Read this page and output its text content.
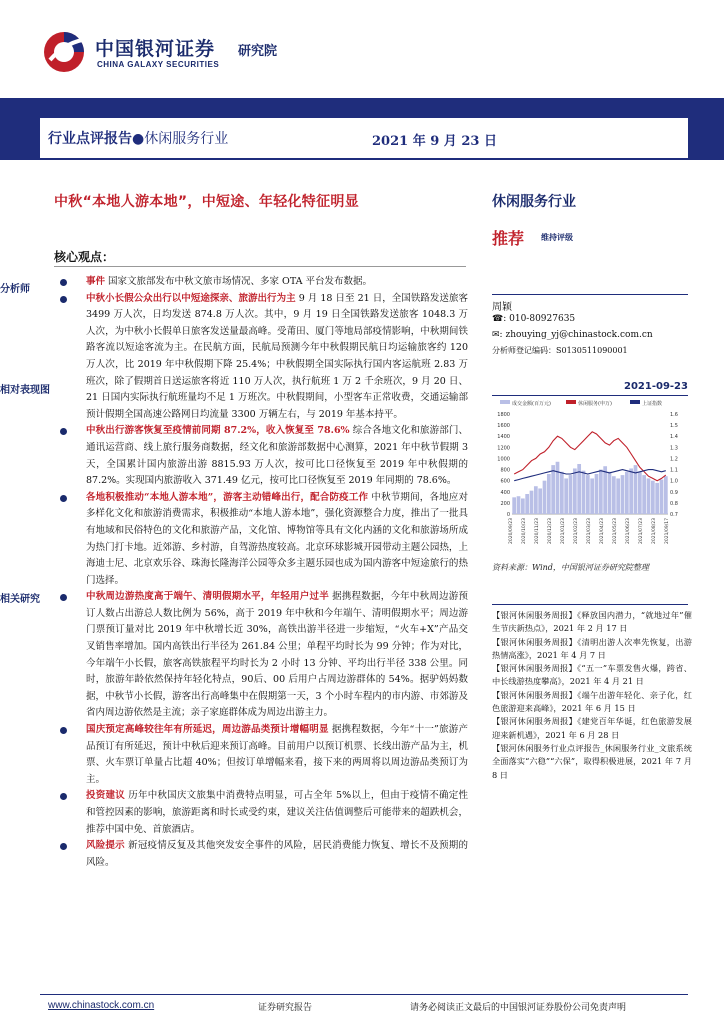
中国银河证券 研究院
CHINA GALAXY SECURITIES
行业点评报告●休闲服务行业	2021 年 9 月 23 日
中秋“本地人游本地”，中短途、年轻化特征明显
核心观点：
事件 国家文旅部发布中秋文旅市场情况、多家 OTA 平台发布数据。
中秋小长假公众出行以中短途探亲、旅游出行为主 9 月 18 日至 21 日，全国铁路发送旅客 3499 万人次，日均发送 874.8 万人次。其中，9 月 19 日全国铁路发送旅客 1048.3 万人次，为中秋小长假单日旅客发送量最高峰。受莆田、厦门等地局部疫情影响，中秋期间铁路客流以短途客流为主。在民航方面，民航局预测今年中秋假期民航日均运输旅客约 120 万人次，比 2019 年中秋假期下降 25.4%；中秋假期全国实际执行国内客运航班 2.83 万班次，除了假期首日送运旅客将近 110 万人次，执行航班 1 万 2 千余班次，9 月 20 日、21 日国内实际执行航班量均不足 1 万班次。中秋假期间，小型客车正常收费，交通运输部预计假期全国高速公路网日均流量 3300 万辆左右，与 2019 年基本持平。
中秋出行游客恢复至疫情前同期 87.2%，收入恢复至 78.6% 综合各地文化和旅游部门、通讯运营商、线上旅行服务商数据，经文化和旅游部数据中心测算，2021 年中秋节假期 3 天，全国累计国内旅游出游 8815.93 万人次，按可比口径恢复至 2019 年中秋假期的 87.2%。实现国内旅游收入 371.49 亿元，按可比口径恢复至 2019 年同期的 78.6%。
各地积极推动“本地人游本地”，游客主动错峰出行，配合防疫工作 中秋节期间，各地应对多样化文化和旅游消费需求，积极推动“本地人游本地”，强化资源整合力度，推出了一批具有地域和民俗特色的文化和旅游产品，文化馆、博物馆等具有文化内涵的文化和旅游场所成为热门打卡地。近郊游、乡村游，自驾游热度较高。北京环球影城开园带动主题公园热，上海迪士尼、北京欢乐谷、珠海长隆海洋公园等众多主题乐园也成为国内游客中短途旅行的热门选择。
中秋周边游热度高于端午、清明假期水平，年轻用户过半 据携程数据，今年中秋周边游预订人数占出游总人数比例为 56%，高于 2019 年中秋和今年端午、清明假期水平；周边游门票预订量对比 2019 年中秋增长近 30%，高铁出游半径进一步缩短，“火车+X”产品交叉销售率增加。国内高铁出行半径为 261.84 公里；单程平均时长为 99 分钟；作为对比，今年端午小长假，旅客高铁旅程平均时长为 2 小时 13 分钟、平均出行半径 338 公里。同时，旅游年龄依然保持年轻化特点，90后、00 后用户占周边游群体的 54%。据驴妈妈数据，中秋节小长假，游客出行高峰集中在假期第一天，3 个小时车程内的市内游、市郊游及省内周边游依然是主流；亲子家庭群体成为周边出游主力。
国庆预定高峰较往年有所延迟，周边游品类预计增幅明显 据携程数据，今年“十一”旅游产品预订有所延迟，预计中秋后迎来预订高峰。目前用户以预订机票、长线出游产品为主，机票、火车票订单量占比超 40%；但按订单增幅来看，接下来的两周将以周边游品类预订为主。
投资建议 历年中秋国庆文旅集中消费特点明显，可占全年 5%以上，但由于疫情不确定性和管控因素的影响，旅游距离和时长或受约束，建议关注估值调整后可能带来的超跌机会，推荐中国中免、首旅酒店。
风险提示 新冠疫情反复及其他突发安全事件的风险，居民消费能力恢复、增长不及预期的风险。
休闲服务行业
推荐 维持评级
分析师
周颖
☎: 010-80927635
✉: zhouying_yj@chinastock.com.cn
分析师登记编码：S0130511090001
相对表现图	2021-09-23
成交金额(百万元)	休闲服务(申万)	上证指数
0
200
400
600
800
1000
1200
1400
1600
1800
0.7
0.8
0.9
1.0
1.1
1.2
1.3
1.4
1.5
1.6
2020/09/23 2020/10/23 2020/11/23 2020/12/23 2021/01/23 2021/02/23 2021/03/23 2021/04/23 2021/05/23 2021/06/23 2021/07/23 2021/08/23 2021/09/17
资料来源：Wind，中国银河证券研究院整理
相关研究
【银河休闲服务周报】《释放国内潜力，“就地过年”催生节庆新热点》，2021 年 2 月 17 日
【银河休闲服务周报】《清明出游人次率先恢复，出游热情高涨》，2021 年 4 月 7 日
【银河休闲服务周报】《“五一”车票发售火爆，跨省、中长线游热度攀高》，2021 年 4 月 21 日
【银河休闲服务周报】《端午出游年轻化、亲子化，红色旅游迎来高峰》，2021 年 6 月 15 日
【银河休闲服务周报】《建党百年华诞，红色旅游发展迎来新机遇》，2021 年 6 月 28 日
【银河休闲服务行业点评报告_休闲服务行业_文旅系统全面落实“六稳”“六保”，取得积极进展，2021 年 7 月 8 日
www.chinastock.com.cn	证券研究报告	请务必阅读正文最后的中国银河证券股份公司免责声明
